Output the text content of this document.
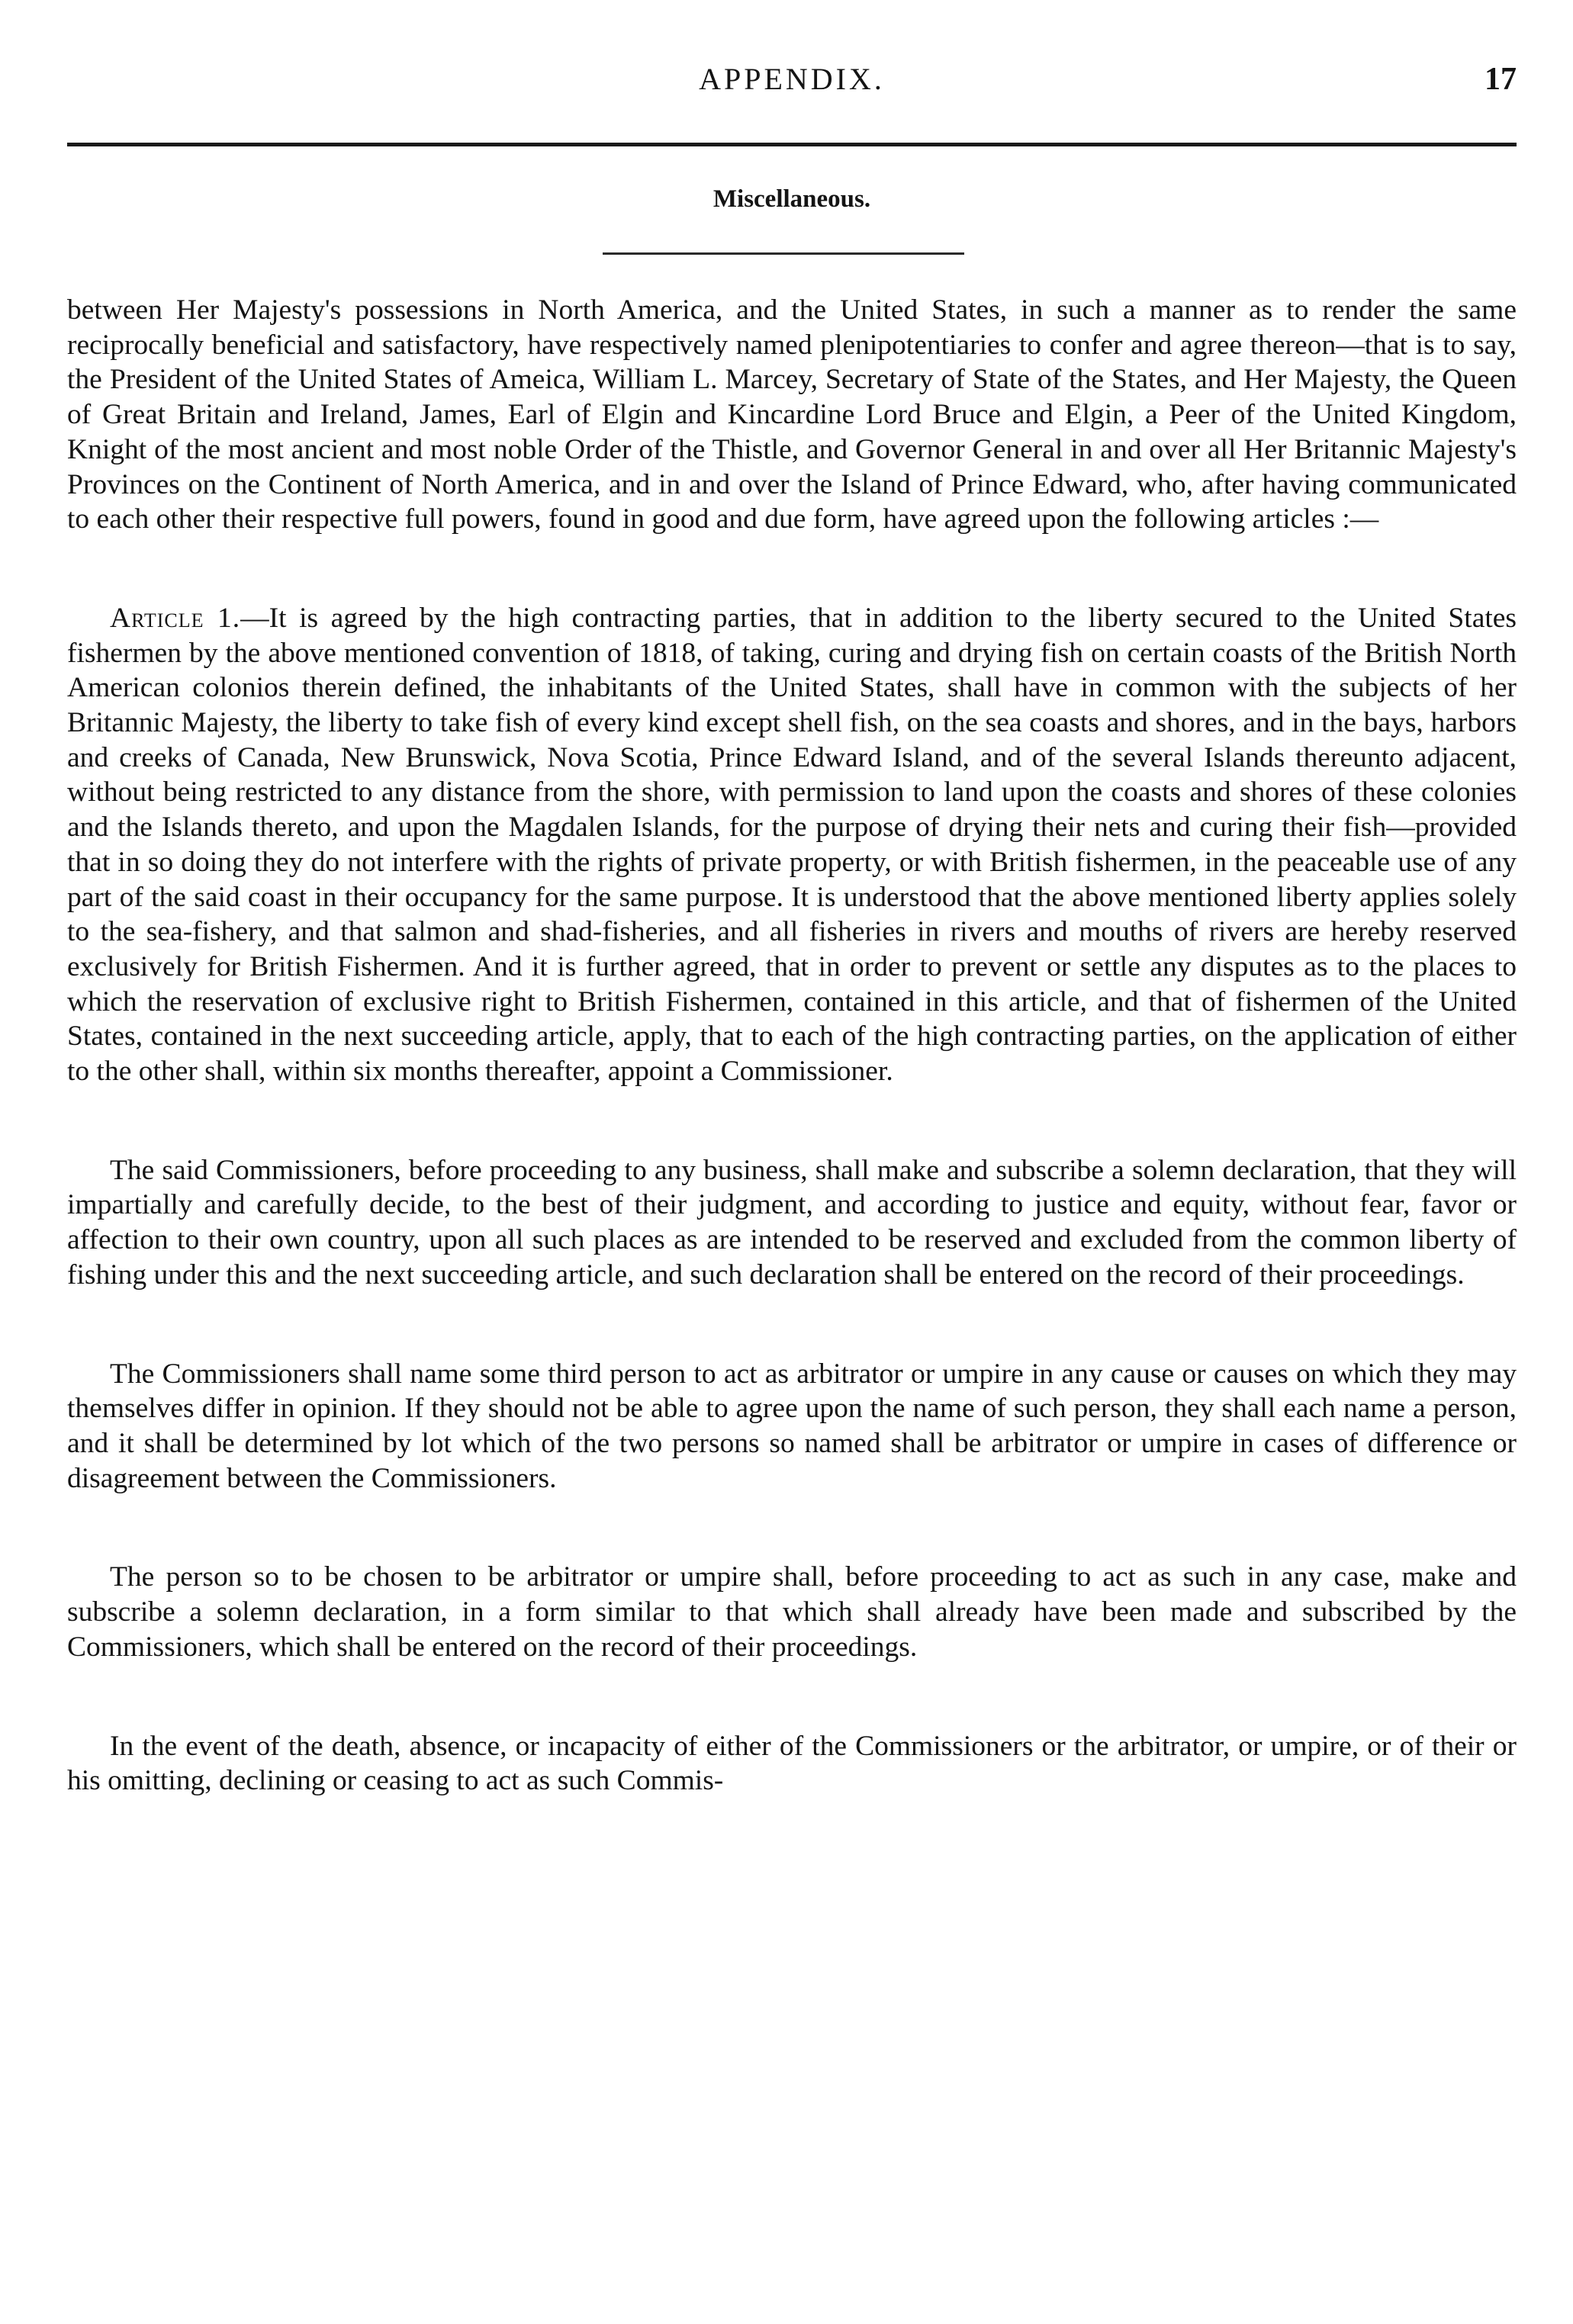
APPENDIX.	17
Miscellaneous.

between Her Majesty's possessions in North America, and the United States, in such a manner as to render the same reciprocally beneficial and satisfactory, have respectively named plenipotentiaries to confer and agree thereon—that is to say, the President of the United States of Ameica, William L. Marcey, Secretary of State of the States, and Her Majesty, the Queen of Great Britain and Ireland, James, Earl of Elgin and Kincardine Lord Bruce and Elgin, a Peer of the United Kingdom, Knight of the most ancient and most noble Order of the Thistle, and Governor General in and over all Her Britannic Majesty's Provinces on the Continent of North America, and in and over the Island of Prince Edward, who, after having communicated to each other their respective full powers, found in good and due form, have agreed upon the following articles :—

Article 1.—It is agreed by the high contracting parties, that in addition to the liberty secured to the United States fishermen by the above mentioned convention of 1818, of taking, curing and drying fish on certain coasts of the British North American colonios therein defined, the inhabitants of the United States, shall have in common with the subjects of her Britannic Majesty, the liberty to take fish of every kind except shell fish, on the sea coasts and shores, and in the bays, harbors and creeks of Canada, New Brunswick, Nova Scotia, Prince Edward Island, and of the several Islands thereunto adjacent, without being restricted to any distance from the shore, with permission to land upon the coasts and shores of these colonies and the Islands thereto, and upon the Magdalen Islands, for the purpose of drying their nets and curing their fish—provided that in so doing they do not interfere with the rights of private property, or with British fishermen, in the peaceable use of any part of the said coast in their occupancy for the same purpose. It is understood that the above mentioned liberty applies solely to the sea-fishery, and that salmon and shad-fisheries, and all fisheries in rivers and mouths of rivers are hereby reserved exclusively for British Fishermen. And it is further agreed, that in order to prevent or settle any disputes as to the places to which the reservation of exclusive right to British Fishermen, contained in this article, and that of fishermen of the United States, contained in the next succeeding article, apply, that to each of the high contracting parties, on the application of either to the other shall, within six months thereafter, appoint a Commissioner.

The said Commissioners, before proceeding to any business, shall make and subscribe a solemn declaration, that they will impartially and carefully decide, to the best of their judgment, and according to justice and equity, without fear, favor or affection to their own country, upon all such places as are intended to be reserved and excluded from the common liberty of fishing under this and the next succeeding article, and such declaration shall be entered on the record of their proceedings.

The Commissioners shall name some third person to act as arbitrator or umpire in any cause or causes on which they may themselves differ in opinion. If they should not be able to agree upon the name of such person, they shall each name a person, and it shall be determined by lot which of the two persons so named shall be arbitrator or umpire in cases of difference or disagreement between the Commissioners.

The person so to be chosen to be arbitrator or umpire shall, before proceeding to act as such in any case, make and subscribe a solemn declaration, in a form similar to that which shall already have been made and subscribed by the Commissioners, which shall be entered on the record of their proceedings.

In the event of the death, absence, or incapacity of either of the Commissioners or the arbitrator, or umpire, or of their or his omitting, declining or ceasing to act as such Commis-
